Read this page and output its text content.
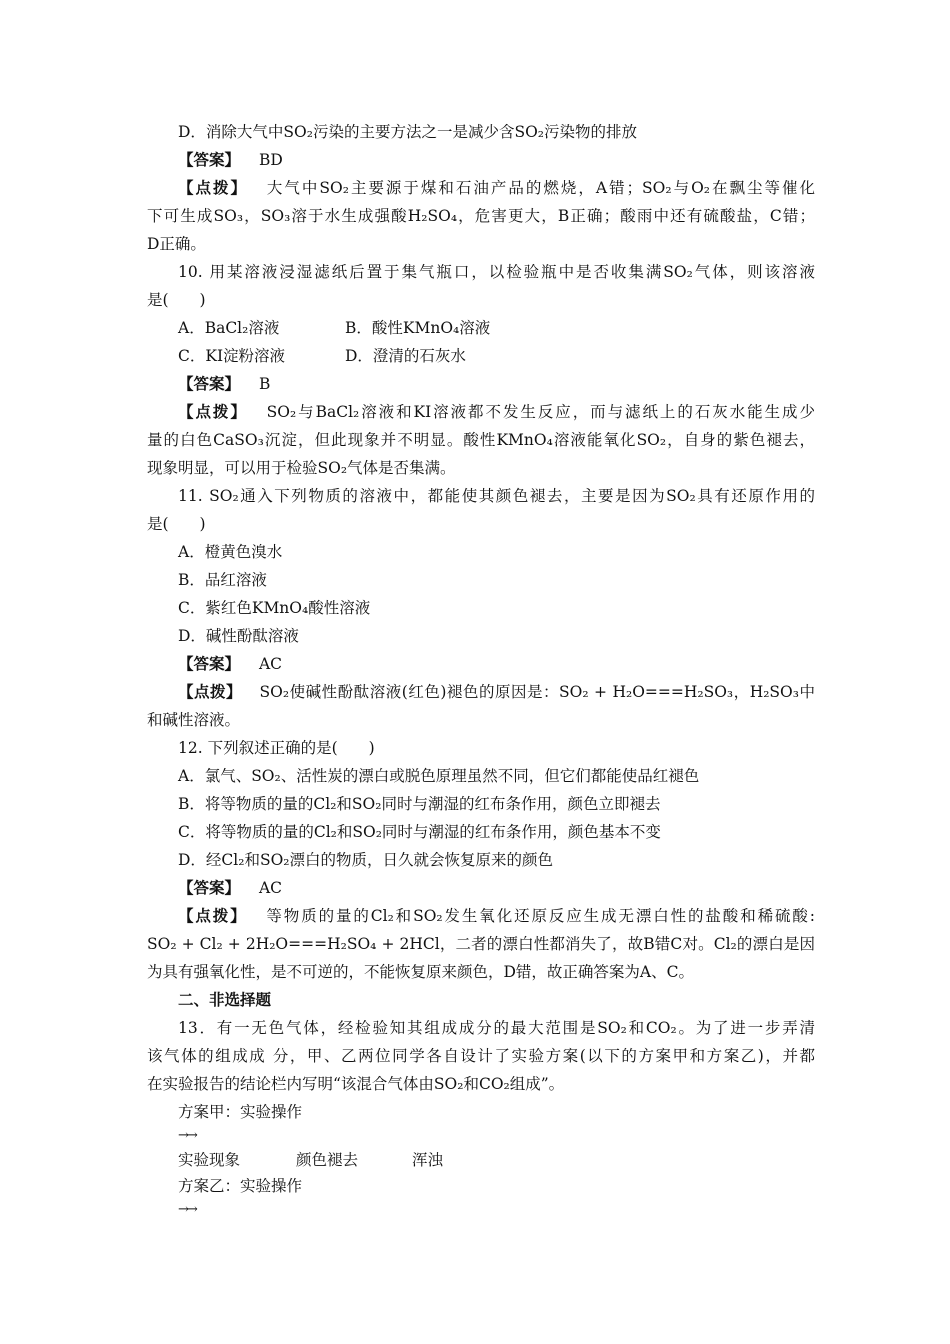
D．消除大气中SO₂污染的主要方法之一是减少含SO₂污染物的排放
【答案】 BD
【点拨】 大气中SO₂主要源于煤和石油产品的燃烧，A错；SO₂与O₂在飘尘等催化
下可生成SO₃，SO₃溶于水生成强酸H₂SO₄，危害更大，B正确；酸雨中还有硫酸盐，C错；
D正确。
10. 用某溶液浸湿滤纸后置于集气瓶口，以检验瓶中是否收集满SO₂气体，则该溶液
是(　　)
A．BaCl₂溶液	B．酸性KMnO₄溶液
C．KI淀粉溶液	D．澄清的石灰水
【答案】 B
【点拨】 SO₂与BaCl₂溶液和KI溶液都不发生反应，而与滤纸上的石灰水能生成少
量的白色CaSO₃沉淀，但此现象并不明显。酸性KMnO₄溶液能氧化SO₂，自身的紫色褪去，
现象明显，可以用于检验SO₂气体是否集满。
11. SO₂通入下列物质的溶液中，都能使其颜色褪去，主要是因为SO₂具有还原作用的
是(　　)
A．橙黄色溴水
B．品红溶液
C．紫红色KMnO₄酸性溶液
D．碱性酚酞溶液
【答案】 AC
【点拨】 SO₂使碱性酚酞溶液(红色)褪色的原因是：SO₂ + H₂O===H₂SO₃，H₂SO₃中
和碱性溶液。
12. 下列叙述正确的是(　　)
A．氯气、SO₂、活性炭的漂白或脱色原理虽然不同，但它们都能使品红褪色
B．将等物质的量的Cl₂和SO₂同时与潮湿的红布条作用，颜色立即褪去
C．将等物质的量的Cl₂和SO₂同时与潮湿的红布条作用，颜色基本不变
D．经Cl₂和SO₂漂白的物质，日久就会恢复原来的颜色
【答案】 AC
【点拨】 等物质的量的Cl₂和SO₂发生氧化还原反应生成无漂白性的盐酸和稀硫酸:
SO₂ + Cl₂ + 2H₂O===H₂SO₄ + 2HCl，二者的漂白性都消失了，故B错C对。Cl₂的漂白是因
为具有强氧化性，是不可逆的，不能恢复原来颜色，D错，故正确答案为A、C。
二、非选择题
13．有一无色气体，经检验知其组成成分的最大范围是SO₂和CO₂。为了进一步弄清
该气体的组成成 分，甲、乙两位同学各自设计了实验方案(以下的方案甲和方案乙)，并都
在实验报告的结论栏内写明“该混合气体由SO₂和CO₂组成”。
方案甲：实验操作
→→
实验现象	颜色褪去	浑浊
方案乙：实验操作
→→
